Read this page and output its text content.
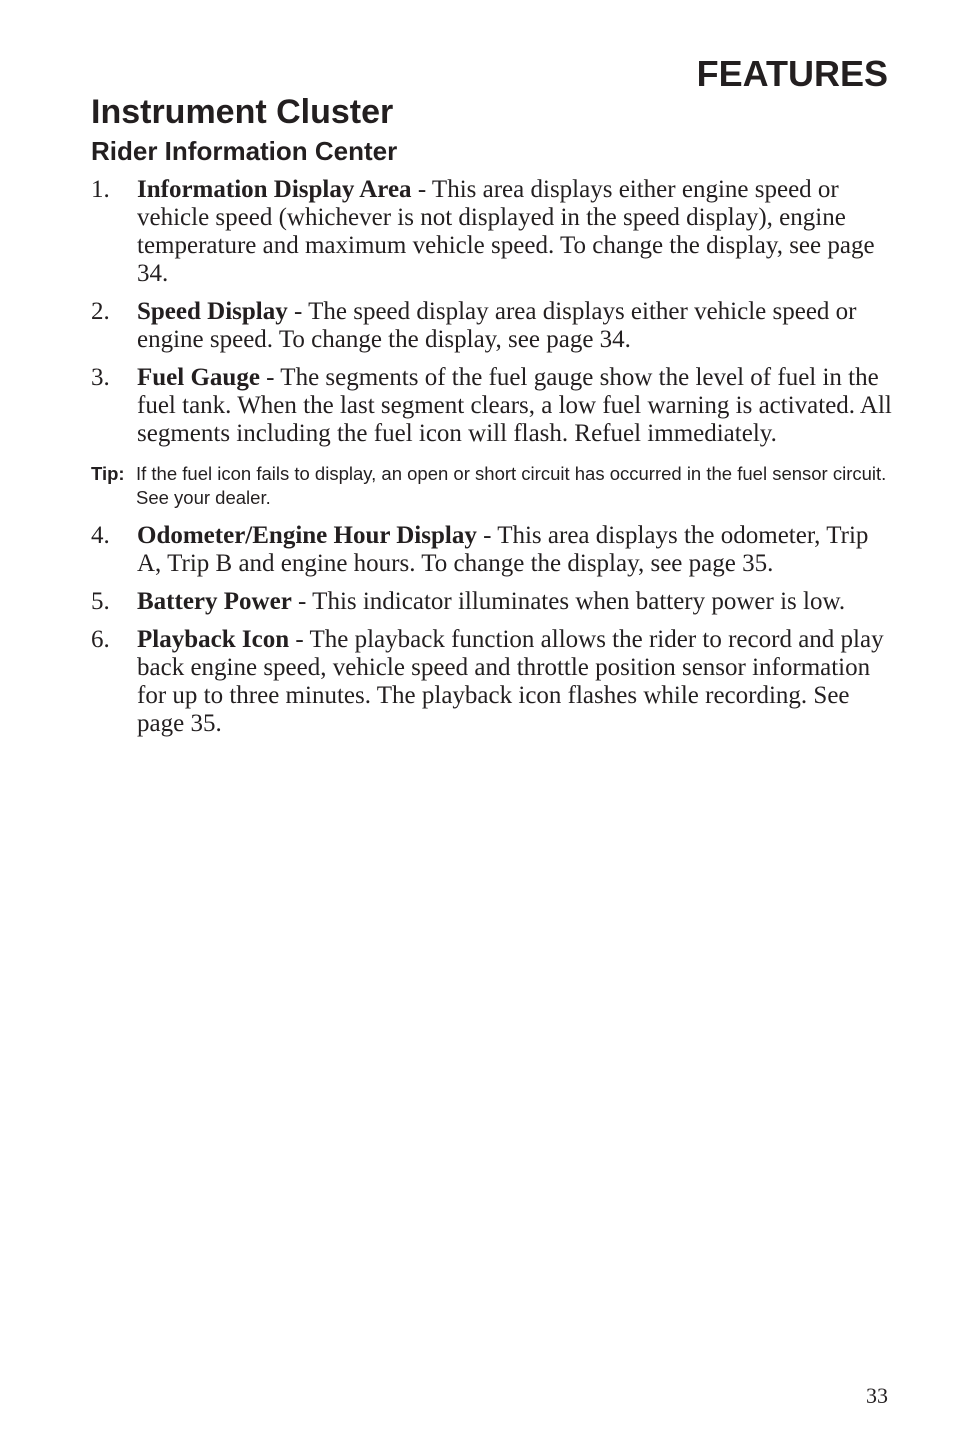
FEATURES
Instrument Cluster
Rider Information Center

1. Information Display Area - This area displays either engine speed or vehicle speed (whichever is not displayed in the speed display), engine temperature and maximum vehicle speed. To change the display, see page 34.

2. Speed Display - The speed display area displays either vehicle speed or engine speed. To change the display, see page 34.

3. Fuel Gauge - The segments of the fuel gauge show the level of fuel in the fuel tank. When the last segment clears, a low fuel warning is activated. All segments including the fuel icon will flash. Refuel immediately.

Tip: If the fuel icon fails to display, an open or short circuit has occurred in the fuel sensor circuit. See your dealer.

4. Odometer/Engine Hour Display - This area displays the odometer, Trip A, Trip B and engine hours. To change the display, see page 35.

5. Battery Power - This indicator illuminates when battery power is low.

6. Playback Icon - The playback function allows the rider to record and play back engine speed, vehicle speed and throttle position sensor information for up to three minutes. The playback icon flashes while recording. See page 35.

33
